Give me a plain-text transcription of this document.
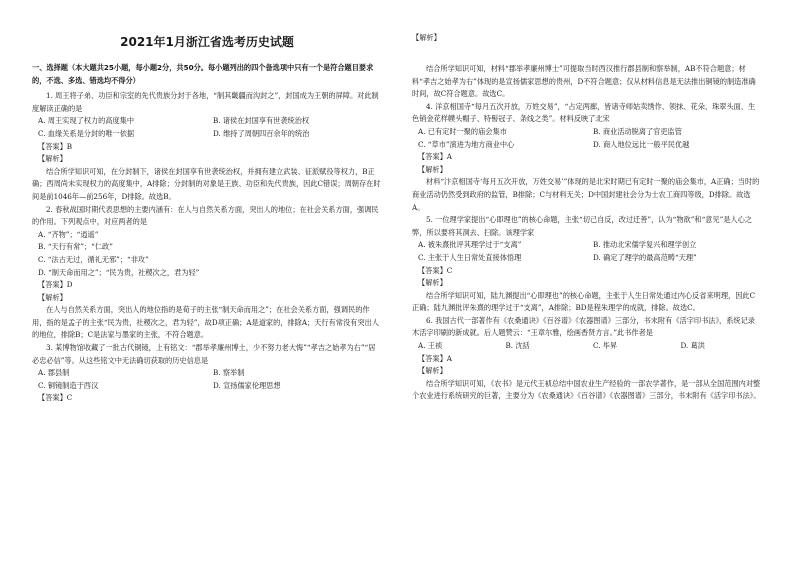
2021年1月浙江省选考历史试题	【解析】

一、选择题（本大题共25小题，每小题2分，共50分。每小题列出的四个备选项中只有一个是符合题目要求的，不选、多选、错选均不得分）

1. 周王将子弟、功臣和宗室的先代贵族分封于各地，“制其畿疆而沟封之”，封国成为王朝的屏障。对此制度解读正确的是

A. 周王实现了权力的高度集中	B. 诸侯在封国享有世袭统治权
C. 血缘关系是分封的唯一依据	D. 维持了周朝四百余年的统治

【答案】B

【解析】

结合所学知识可知，在分封制下，诸侯在封国享有世袭统治权，并拥有建立武装、征派赋役等权力，B正确；西周尚未实现权力的高度集中，A排除；分封制的对象是王族、功臣和先代贵族，因此C错误；周朝存在时间是前1046年—前256年，D排除。故选B。

2. 春秋战国时期代表思想的主要内涵有：在人与自然关系方面，突出人的地位；在社会关系方面，强调民的作用。下列观点中，对应两者的是

A. “齐物”；“逍遥”

B. “天行有常”；“仁政”

C. “法古无过，循礼无邪”；“非攻”

D. “制天命而用之”；“民为贵，社稷次之，君为轻”

【答案】D

【解析】

在人与自然关系方面，突出人的地位指的是荀子的主张“制天命而用之”；在社会关系方面，强调民的作用，指的是孟子的主张“民为贵，社稷次之，君为轻”，故D项正确；A是道家的，排除A；天行有常没有突出人的地位，排除B；C是法家与墨家的主张，不符合题意。

3. 某博物馆收藏了一批古代铜镜，上有铭文：“郡举孝廉州博士，少不努力老大悔”“孝吉之始孝为右”“居必忠必信”等。从这些铭文中无法确切获取的历史信息是

A. 郡县制	B. 察举制
C. 铜镜制造于西汉	D. 宣扬儒家伦理思想

【答案】C

结合所学知识可知，材料“郡举孝廉州博士”可提取当时西汉推行郡县制和察举制，AB不符合题意；材料“孝吉之始孝为右”体现的是宣扬儒家思想的贵州，D不符合题意；仅从材料信息是无法推出铜镜的制造准确时间，故C符合题意。故选C。

4. 洋京相国寺“每月五次开放，万姓交易”，“占定两廊，皆诸寺师姑卖绣作、领抹、花朵、珠翠头面、生色销金花样幞头帽子、特髻冠子、条线之类”。材料反映了北宋

A. 已有定时一聚的庙会集市	B. 商业活动脱离了官吏监管
C. “草市”演进为地方商业中心	D. 商人地位远比一般平民优越

【答案】A

【解析】

材料“汴京相国寺‘每月五次开放，万姓交易’”体现的是北宋时期已有定时一聚的庙会集市，A正确；当时的商业活动仍然受到政府的监管，B排除；C与材料无关；D中国封建社会分为士农工商四等级，D排除。故选A。

5. 一位理学家提出“心即理也”的核心命题，主张“切己自反，改过迁善”，认为“物欲”和“意见”是人心之弊，所以要将其洞去、扫除。该理学家

A. 被朱熹批评其理学过于“支离”	B. 推动北宋儒学复兴和理学创立
C. 主张于人生日常处直接体悟理	D. 确定了理学的最高范畴“天理”

【答案】C

【解析】

结合所学知识可知，陆九渊提出“心即理也”的核心命题，主张于人生日常处通过内心反省来明理，因此C正确；陆九渊批评朱熹的理学过于“支离”，A排除；BD是程朱理学的成就，排除。故选C。

6. 我国古代一部著作有《农桑通诀》《百谷谱》《农器图谱》三部分，书末附有《活字印书法》，系统记录木活字印刷的新成就。后人题赞云：“王章尔雅，绘画香贤方言。”此书作者是

A. 王祯	B. 沈括	C. 毕昇	D. 葛洪

【答案】A

【解析】

结合所学知识可知，《农书》是元代王祯总结中国农业生产经验的一部农学著作，是一部从全国范围内对整个农业进行系统研究的巨著，主要分为《农桑通诀》《百谷谱》《农器图谱》三部分，书末附有《活字印书法》。
